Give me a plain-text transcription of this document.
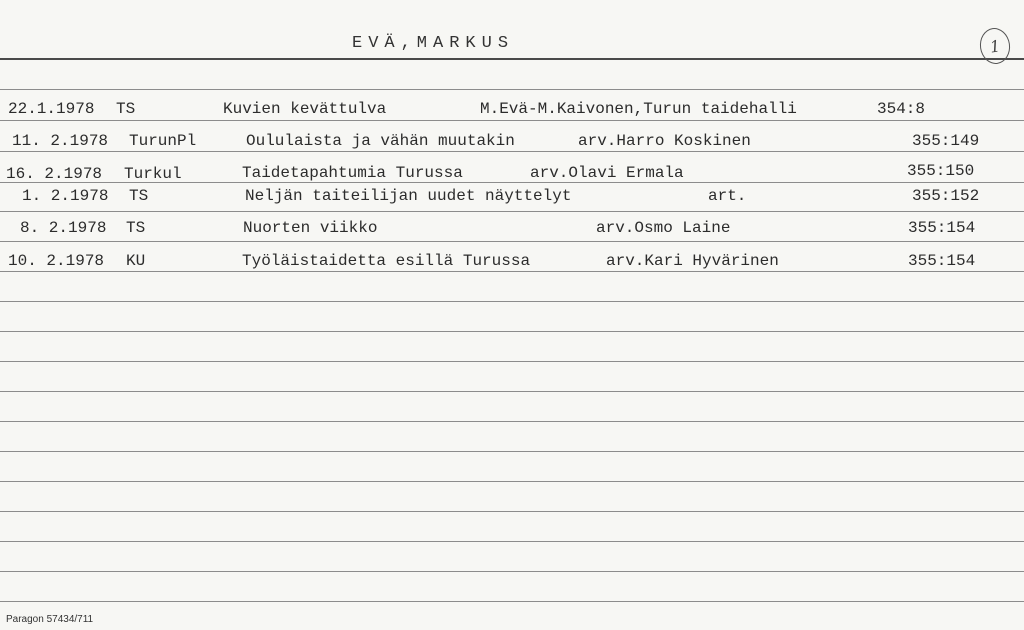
EVÄ,MARKUS	1
22.1.1978 TS	Kuvien kevättulva	M.Evä-M.Kaivonen,Turun taidehalli	354:8
11. 2.1978 TurunPl	Oululaista ja vähän muutakin	arv.Harro Koskinen	355:149
16. 2.1978 Turkul	Taidetapahtumia Turussa	arv.Olavi Ermala	355:150
1. 2.1978 TS	Neljän taiteilijan uudet näyttelyt	art.	355:152
8. 2.1978 TS	Nuorten viikko	arv.Osmo Laine	355:154
10. 2.1978 KU	Työläistaidetta esillä Turussa	arv.Kari Hyvärinen	355:154
Paragon 57434/711
